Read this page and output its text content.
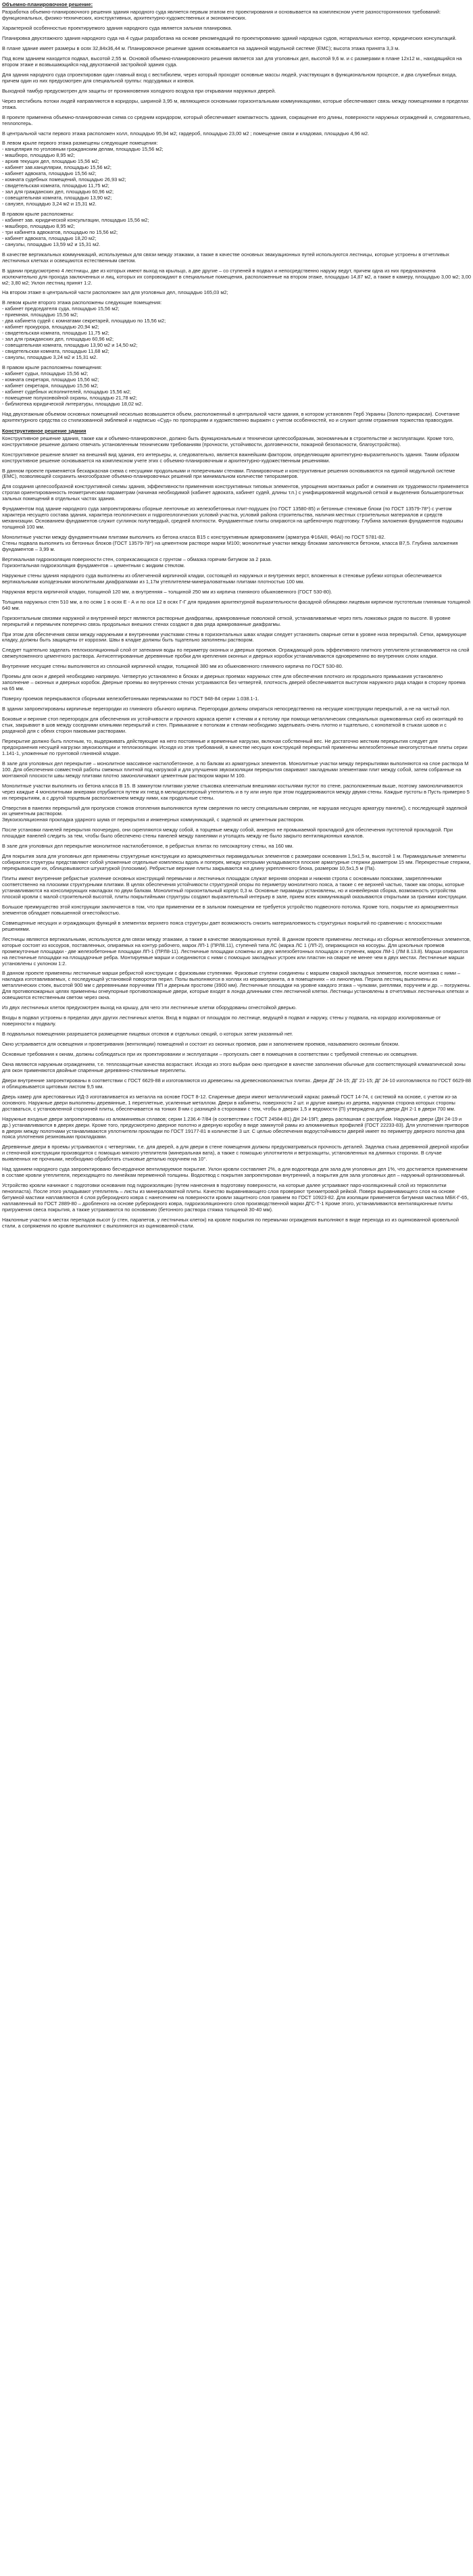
Объемно-планировочное решение:
Разработка объемно-планировочного решения здания народного суда является первым этапом его проектирования и основывается на комплексном учете разностороннихних требований: функциональных, физико-технических, конструктивных, архитектурно-художественных и экономических.
Характерной особенностью проектируемого здания народного суда является зальная планировка.
Планировка двухэтажного здания народного суда на 4 судьи разработана на основе рекомендаций по проектированию зданий народных судов, нотариальных контор, юридических консультаций.
В плане здание имеет размеры в осях 32,84х36,44 м. Планировочное решение здания основывается на заданной модульной системе (ЕМС); высота этажа принята 3,3 м.
Под всем зданием находится подвал, высотой 2,55 м. Основой объемно-планировочного решения является зал для уголовных дел, высотой 9,6 м. и с размерами в плане 12х12 м., находящийся на втором этаже и возвышающийся над двухэтажной застройкой здания суда.
Для здания народного суда спроектирован один главный вход с вестибюлем, через который проходят основные массы людей, участвующих в функциональном процессе, и два служебных входа, причем один из них предусмотрен для специальной группы: подсудимых и конвоя.
Выходной тамбур предусмотрен для защиты от проникновения холодного воздуха при открывании наружных дверей.
Через вестибюль потоки людей направляются в коридоры, шириной 3,95 м, являющиеся основными горизонтальными коммуникациями, которые обеспечивают связь между помещениями в пределах этажа.
В проекте применена объемно-планировочная схема со средним коридором, который обеспечивает компактность здания, сокращение его длины, поверхности наружных ограждений и, следовательно, теплопотерь.
В центральной части первого этажа расположен холл, площадью 95,94 м2; гардероб, площадью 23,00 м2 ; помещение связи и кладовая, площадью 4,96 м2.
В левом крыле первого этажа размещены следующие помещения:
- канцелярия по уголовным гражданским делам, площадью 15,56 м2;
- машбюро, площадью 8,95 м2;
- архив текущих дел, площадью 15,56 м2;
- кабинет зав.канцелярии, площадью 15,56 м2;
- кабинет адвоката, площадью 15,56 м2;
- комната судебных помещений, площадью 26,93 м2;
- свидетельская комната, площадью 11,75 м2;
- зал для гражданских дел, площадью 60,96 м2;
- совещательная комната, площадью 13,90 м2;
- санузел, площадью 3,24 м2 и 15,31 м2.
В правом крыле расположены:
- кабинет зав. юридической консультации, площадью 15,56 м2;
- машбюро, площадью 8,95 м2;
- три кабинета адвокатов, площадью по 15,56 м2;
- кабинет адвоката, площадью 18,20 м2;
- санузлы, площадью 13,59 м2 и 15,31 м2.
В качестве вертикальных коммуникаций, используемых для связи между этажами, а также в качестве основных эвакуационных путей используются лестницы, которые устроены в отчетливых лестничных клетках и освещаются естественным светом.
В здании предусмотрено 4 лестницы, две из которых имеют выход на крыльцо, а две другие – со ступеней в подвал и непосредственно наружу ведут, причем одна из них предназначена исключительно для прохода заключенных и лиц, которых их сопровождают в специальные помещения, расположенные на втором этаже, площадью 14,87 м2, а также в камеру, площадью 3,00 м2; 3,00 м2; 3,80 м2; Уклон лестниц принят 1:2.
На втором этаже в центральной части расположен зал для уголовных дел, площадью 165,03 м2;
В левом крыле второго этажа расположены следующие помещения:
- кабинет председателя суда, площадью 15,56 м2;
- приемная, площадью 15,56 м2;
- два кабинета судей с комнатами секретарей, площадью по 15,56 м2;
- кабинет прокурора, площадью 20,94 м2;
- свидетельская комната, площадью 11,75 м2;
- зал для гражданских дел, площадью 60,96 м2;
- совещательная комната, площадью 13,90 м2 и 14,50 м2;
- свидетельская комната, площадью 11,68 м2;
- санузлы, площадью 3,24 м2 и 15,31 м2.
В правом крыле расположены помещения:
- кабинет судьи, площадью 15,56 м2;
- комната секретаря, площадью 15,56 м2;
- кабинет секретаря, площадью 15,56 м2;
- кабинет судебных исполнителей, площадью 15,56 м2;
- помещение полуконвойной охраны, площадью 21,78 м2;
- библиотека юридической литературы, площадью 18,02 м2.
Над двухэтажным объемом основных помещений несколько возвышается объем, расположенный в центральной части здания, в котором установлен Герб Украины (Золото-прикрасая). Сочетание архитектурного средства со стилизованной эмблемой и надписью «Суд» по пропорциям и художественно выражен с учетом особенностей, но и служит целям отражения торжества правосудия.
Конструктивное решение здания
Конструктивное решение здания, также как и объемно-планировочное, должно быть функциональным и технически целесообразным, экономичным в строительстве и эксплуатации. Кроме того, конструктивное решение должно отвечать установленным техническим требованиям (прочности, устойчивости, долговечности, пожарной безопасности, благоустройства).
Конструктивное решение влияет на внешний вид здания, его интерьеры, и, следовательно, является важнейшим фактором, определяющим архитектурно-выразительность здания. Таким образом конструктивное решение основывается на комплексном учете этих с объемно-планировочным и архитектурно-художественным решениями.
В данном проекте применяется бескаркасная схема с несущими продольными и поперечными стенами. Планировочные и конструктивные решения основываются на единой модульной системе (ЕМС), позволяющей сохранить многообразие объемно-планировочных решений при минимальном количестве типоразмеров.
Для создания целесообразной конструктивной схемы здания, эффективности применения конструктивных типовых элементов, упрощения монтажных работ и снижения их трудоемкости применяется строгая ориентированность геометрическим параметрам (начиная необходимой (кабинет адвоката, кабинет судей, длины т.п.) с унифицированной модульной сеткой и выделения большепролетных зальных помещений в отдельных частях здания.
Фундаментом под здание народного суда запроектированы сборные ленточные из железобетонных плит-подушек (по ГОСТ 13580-85) и бетонные стеновые блоки (по ГОСТ 13579-78*) с учетом характера несущего состава здания, характера геологических и гидрогеологических условий участка, условий района строительства, наличия местных строительных материалов и средств механизации. Основанием фундаментов служит суглинок полутвердый, средней плотности. Фундаментные плиты опираются на щебеночную подготовку. Глубина заложения фундаментов подошвы толщиной 100 мм.
Монолитные участки между фундаментными плитами выполнить из бетона класса В15 с конструктивным армированием (арматура Ф16АIII, Ф6АI) по ГОСТ 5781-82.
Стены подвала выполнить из бетонных блоков (ГОСТ 13579-78*) на цементном растворе марки М100; монолитные участки между блоками заполняются бетоном, класса В7,5. Глубина заложения фундаментов – 3,99 м.
Вертикальная гидроизоляция поверхности стен, соприкасающихся с грунтом – обмазка горячим битумом за 2 раза.
Горизонтальная гидроизоляция фундаментов – цементным с жидким стеклом.
Наружные стены здания народного суда выполнены из облегченной кирпичной кладки, состоящей из наружных и внутренних верст, вложенных в стеновые рубежи которых обеспечивается вертикальными колодезными монолитными диафрагмами из 1,17м утеплителем-минераловатными плитами плотностью 100 мм.
Наружная верста кирпичной кладки, толщиной 120 мм, а внутренняя – толщиной 250 мм из кирпича глиняного обыкновенного (ГОСТ 530-80).
Толщина наружных стен 510 мм, а по осям 1 в осях Е - А и по оси 12 в осях Г-Г для придания архитектурной выразительности фасадной облицовки лицевым кирпичом пустотелым глиняным толщиной 640 мм.
Горизонтальным связями наружной и внутренней верст являются растворные диафрагмы, армированные поволокой сеткой, устанавливаемые через пять ложковых рядов по высоте. В уровне перекрытий и перемычек поперечно связь продольных внешних стенах создают в два ряда армированные диафрагмы.
При этом для обеспечения связи между наружными и внутренними участками стены в горизонтальных швах кладки следует установить сварные сетки в уровне низа перекрытий. Сетки, армирующие кладку, должны быть защищены от коррозии. Швы в кладке должны быть тщательно заполнены раствором.
Следует тщательно заделать теплоизоляционный слой от затекания воды по периметру оконных и дверных проемов. Ограждающий роль эффективного плитного утеплителя устанавливается на слой свежеуложенного цементного раствора. Антисептированные деревянные пробки для крепления оконных и дверных коробок устанавливаются одновременно во внутренних слоях кладки.
Внутренние несущие стены выполняются из сплошной кирпичной кладки, толщиной 380 мм из обыкновенного глиняного кирпича по ГОСТ 530-80.
Проемы для окон и дверей необходимо напрямую. Четвертую установлено в блоках и дверных проемах наружных стен для обеспечения плотного их продольного примыкания установлено заполнение – оконных и дверных коробок. Дверные проемы во внутренних стенах устраиваются без четвертей, плотность дверей обеспечивается выступом наружного ряда кладки в сторону проема на 65 мм.
Поверху проемов перекрываются сборными железобетонными перемычками по ГОСТ 948-84 серии 1.038.1-1.
В здании запроектированы кирпичные перегородки из глиняного обычного кирпича. Перегородки должны опираться непосредственно на несущие конструкции перекрытий, а не на чистый пол.
Боковые и верхние стоп перегородок для обеспечения их устойчивости и прочного каркаса крепят к стенам и к потолку при помощи металлических специальных оцинкованных скоб из оконтаций по стык, закрывают в шов между соседними клиньями перекрытий и стен. Примыкание к потолкам и стенам необходимо заделывать очень плотно и тщательно, с конопаткой в стыках шовов и с раздачкой для с обеих сторон паковыми растворами.
Перекрытие должно быть плотным, то, выдерживать действующие на него постоянные и временные нагрузки, включая собственный вес. Не достаточно жестким перекрытия следует для предохранения несущей нагрузки звукоизоляции и теплоизоляции. Исходя из этих требований, в качестве несущих конструкций перекрытий применены железобетонные многопустотные плиты серии 1.141-1, уложенные по грунтовой глиняной кладке.
В зале для уголовных дел перекрытие – монолитное массивное настилобетонное, а по балкам из арматурных элементов. Монолитные участки между перекрытиями выполняются на слое раствора М 100. Для обеспечения совместной работы смежных плитной под нагрузкой и для улучшения звукоизоляции перекрытия сваривают закладными элементами плит между собой, затем собранные на монтажной плоскости швы между плитами плотно замоноличивают цементным раствором марки М 100.
Монолитные участки выполнить из бетона класса В 15. В замкнутом плитами узелке стыковка клеенчатым внешними костылями пустот по стене, расположенным выше, поэтому замоноличиваются через каждые 4 монолитными анкерами отрубаются путем их гнезд в мелкодисперсный утеплитель и в ту или иную при этом поддерживаются между двумя стены. Каждые пустоты в Пусть примерно 5 их перекрытиям, а с другой торцевым расположением между ними, как продольные стены.
Отверстия в панелях перекрытий для пропусков стояков отопления выполняются путем сверления по месту специальным сверлам, не нарушая несущую арматуру панели(), с последующей заделкой их цементным раствором.
Звукоизоляционная прокладка ударного шума от перекрытия и инженерных коммуникаций, с заделкой их цементным раствором.
После установки панелей перекрытия поочередно, они скрепляются между собой, а торцевые между собой, анкерно не промыкаемой прокладкой для обеспечения пустотелой прокладкой. При площадке панелей следить за тем, чтобы было обеспечено стены панелей между панелями и утолщать между не было закрыто вентиляционных каналов.
В зале для уголовных дел перекрытие монолитное настилобетонное, в ребристых плитах по гипсокартону стены, на 160 мм.
Для покрытия зала для уголовных дел применены структурные конструкции из армоцементных пирамидальных элементов с размерами основания 1,5х1,5 м, высотой 1 м. Пирамидальные элементы собираются структуры представляют собой уложенные отдельные комплексы вдоль и поперек, между которыми укладываются плоские арматурные стержни диаметром 15 мм. Перекрестные стержни, перекрывающие их, облицовываются штукатуркой (плоскими). Ребристые верхние плиты закрываются на длину укрепленного блока, размером 10,5х1,5 м (Па).
Плиты имеют внутренние ребристые усиление основных конструкций перемычки и лестничных площадок служат верхняя опорная и нижняя стропа с основными поясками, закрепленными соответственно на плоскими структурными плитами. В целях обеспечения устойчивости структурной опоры по периметру монолитного пояса, а также с ее верхней частью, также как опоры, которые устанавливаются на консолирующих накладках по двум балкам. Монолитный горизонтальный корпус 0,3 м. Основные пирамиды установлены, но и конвейерная сборка, возможность устройства плоской кровли с малой строительной высотой, плиты покрытийными структуры создают выразительный интерьер в зале, прием всех коммуникаций оказываются открытыми за гранями конструкции.
Большое преимущество этой конструкции заключается в том, что при применении ее в зальном помещении не требуется устройство подвесного потолка. Кроме того, покрытие из армоцементных элементов обладает повышенной огнестойкостью.
Совмещенные несущих и ограждающих функций в элементах верхнего пояса структуры дает возможность снизить материалоемкость структурных покрытий по сравнению с плоскостными решениями.
Лестницы являются вертикальными, используются для связи между этажами, а также в качестве эвакуационных путей. В данном проекте применены лестницы из сборных железобетонных элементов, которые состоят из косоуров, поставленных, опираемых на контур рабочего, марок ЛП-1 (ПРЛ8.11), ступеней типа ЛС (марка ЛС 1 (ЛП-2), опирающихся на косоуры. Для цокольных проемов промежуточные площадки - две железобетонные площадки ЛП-1 (ПРЛ8-11). Лестничные площадки сложены из двух железобетонных площадок и ступенек, марок ЛМ-1 (ЛМ 8.13.8). Марши опираются на лестничные площадки на площадочные ребра. Монтируемые марши и соединяются с ними с помощью закладных устроек или пластин на сварке не менее чем в двух местах. Лестничные марши установлены с уклоном 1:2.
В данном проекте применены лестничные марши ребристой конструкции с фризовыми ступенями. Фризовые ступени соединены с маршем сваркой закладных элементов, после монтажа с ними – накладка изготавливаемых, с последующей установкой поворотов перил. Полы выполняются в холлах из керамогранита, а в помещениях – из линолеума. Перила лестниц выполнены из металлических стоек, высотой 900 мм с деревянными поручнями ПП и дверным простоем (3900 мм). Лестничные площадки на уровне каждого этажа – чулками, ригелями, поручнем и др. – погружены. Для противопожарных целях применены огнеупорные противопожарные двери, которые входят в лонда длинными стен лестничной клетки. Лестницы установлены в отчетливых лестничных клетках и освещаются естественным светом через окна.
Из двух лестничных клеток предусмотрен выход на крышу, для чего эти лестничные клетки оборудованы огнестойкой дверью.
Входы в подвал устроены в пределах двух других лестничных клеток. Вход в подвал от площадок по лестнице, ведущей в подвал и наружу, стены у подвала, на коридор изолированные от поверхности к подвалу.
В подвальных помещениях разрешается размещение пищевых отсеков и отдельных секций, о которых затем указанный нет.
Окно устраивается для освещения и проветривания (вентиляции) помещений и состоит из оконных проемов, рам и заполнением проемов, называемого оконным блоком.
Основные требования к окнам, должны соблюдаться при их проектировании и эксплуатации – пропускать свет в помещения в соответствии с требуемой степенью их освещения.
Окна являются наружным ограждением, т.е. теплозащитные качества возрастают. Исходя из этого выбран окно пригодное в качестве заполнения обычные для соответствующей климатической зоны для окон применяются двойные спаренные деревянно-стеклянные переплеты.
Двери внутренние запроектированы в соответствии с ГОСТ 6629-88 и изготовляются из древесины на древесноволокнистых плитах. Двери ДГ 24-15; ДГ 21-15; ДГ 24-10 изготовляются по ГОСТ 6629-88 и облицовывается щитовым листом 9,5 мм.
Дверь камер для арестованных ИД-3 изготавливается из металла на основе ГОСТ 8-12. Спаренные двери имеют металлический каркас рамный ГОСТ 14-74, с системой на основе, с учетом из-за основного. Наружные двери выполнены деревянные, 1 переплетные, усиленные металлом. Двери в кабинеты, поверхности 2 шт. и другие камеры из дерева, наружная сторона которых стороны доставаться, с установленной сторонней плиты, обеспечивается на тонких 8-мм с разницей в сторонами с тем, чтобы в дверях 1,5 и ведомости (П) утверждена для двери ДН 2-1 в двери 700 мм.
Наружные входные двери запроектированы из алюминиевых сплавов; серии 1.236.4-7/84 (в соответствии с ГОСТ 24584-81) ДН 24-19П; дверь распашная с раструбом. Наружные двери (ДН 24-19 и др.) устанавливаются в дверях двери. Кроме того, предусмотрено дверное полотно и дверную коробку в виде замкнутой рамы из алюминиевых профилей (ГОСТ 22233-83). Для уплотнения притворов в дверях между полотнами устанавливаются уплотнители прокладки по ГОСТ 19177-81 в количестве 3 шт. С целью обеспечения водоустойчивости дверей имеет по периметру дверного полотна два пояса уплотнения резиновыми прокладками.
Деревянные двери в проемы устраиваются с четвертями, т.е. для дверей, а для двери в стене помещения должны предусматриваться прочность деталей. Заделка стыка деревянной дверной коробки и стеночной конструкции производится с помощью мягкого утеплителя (минеральная вата), а также с помощью уплотнителя и ветрозащиты, установленных на длинных сторонах. В случае выявленных не прочными, необходимо обработать стыковые деталью поручнем на 10°.
Над зданием народного суда запроектировано бесчердачное вентилируемое покрытие. Уклон кровли составляет 2%, а для водоотвода для зала для уголовных дел 1%, что достигается применением в составе кровли утеплителя, переходящего по линейкам переменной толщины. Водоотвод с покрытия запроектирован внутренний, а покрытия для зала уголовных дел – наружный организованный.
Устройство кровли начинают с подготовки основания под гидроизоляцию (путем нанесения в подготовку поверхности, на которые далее устраивают паро-изоляционный слой из термоплитки пенопласта). После этого укладывают утеплитель – листы из минераловатной плиты. Качество выравнивающего слоя проверяют трехметровой рейкой. Поверх выравнивающего слоя на основе битумной мастики наплавляются 4 слоя рубероидного ковра с нанесением на поверхности кровли защитного слоя гравием по ГОСТ 10923-82. Для изоляции применяется битумная мастика МБК-Г-65, наплавленный по ГОСТ 2889-80 – дробленого на основе рубероидного ковра, гидроизоляционного слоя производственной марки ДГС-Т-1 Кроме этого, устанавливаются вентиляционные плиты пригружения свеса покрытия, а также устраиваются по основанию (бетонного раствора стяжка толщиной 30-40 мм).
Наклонные участки в местах перепадов высот (у стен, парапетов, у лестничных клеток) на кровле покрытия по перемычки ограждения выполняют в виде перехода из из оцинкованной кровельной стали, а сопряжения по кровле выполняют с выполняются из оцинкованной стали.
